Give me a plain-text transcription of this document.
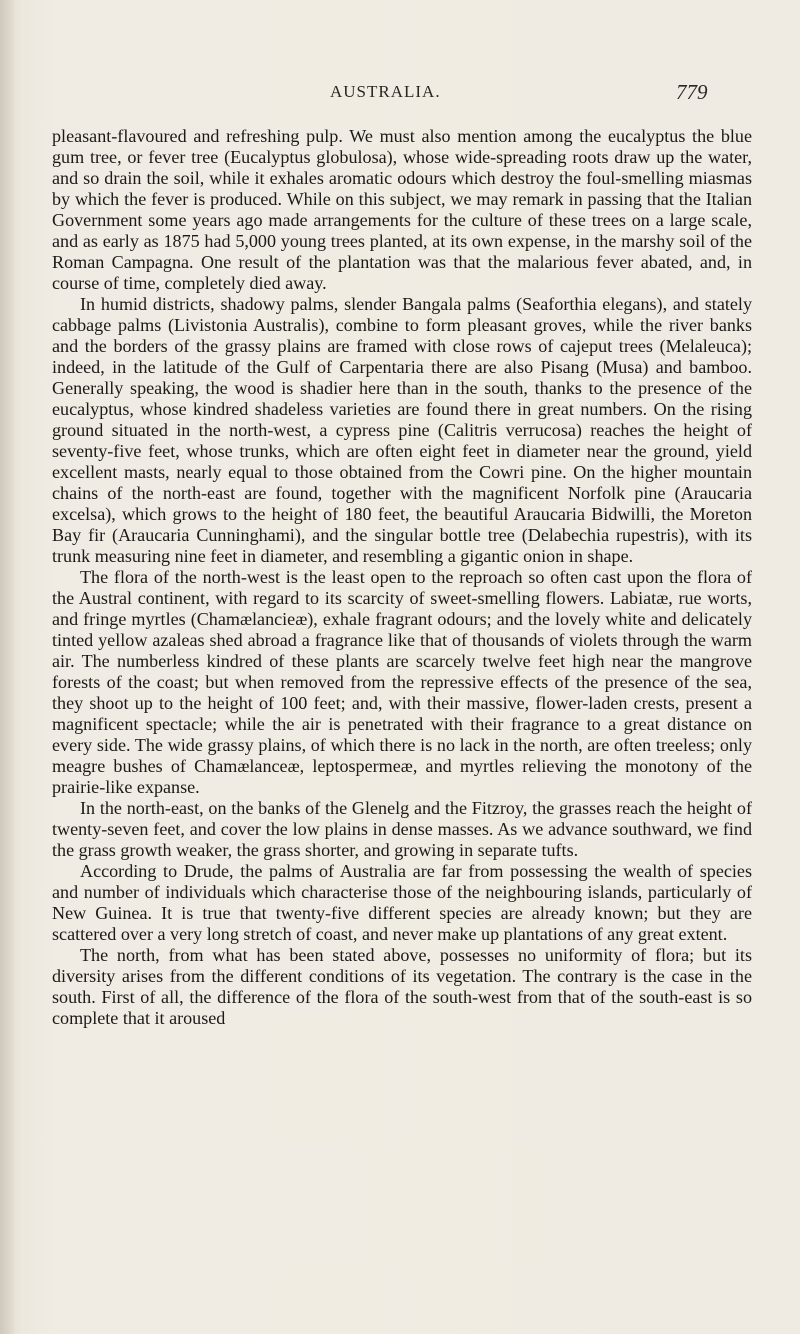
AUSTRALIA.	779

pleasant-flavoured and refreshing pulp. We must also mention among the eucalyptus the blue gum tree, or fever tree (Eucalyptus globulosa), whose wide-spreading roots draw up the water, and so drain the soil, while it exhales aromatic odours which destroy the foul-smelling miasmas by which the fever is produced. While on this subject, we may remark in passing that the Italian Government some years ago made arrangements for the culture of these trees on a large scale, and as early as 1875 had 5,000 young trees planted, at its own expense, in the marshy soil of the Roman Campagna. One result of the plantation was that the malarious fever abated, and, in course of time, completely died away.

In humid districts, shadowy palms, slender Bangala palms (Seaforthia elegans), and stately cabbage palms (Livistonia Australis), combine to form pleasant groves, while the river banks and the borders of the grassy plains are framed with close rows of cajeput trees (Melaleuca); indeed, in the latitude of the Gulf of Carpentaria there are also Pisang (Musa) and bamboo. Generally speaking, the wood is shadier here than in the south, thanks to the presence of the eucalyptus, whose kindred shadeless varieties are found there in great numbers. On the rising ground situated in the north-west, a cypress pine (Calitris verrucosa) reaches the height of seventy-five feet, whose trunks, which are often eight feet in diameter near the ground, yield excellent masts, nearly equal to those obtained from the Cowri pine. On the higher mountain chains of the north-east are found, together with the magnificent Norfolk pine (Araucaria excelsa), which grows to the height of 180 feet, the beautiful Araucaria Bidwilli, the Moreton Bay fir (Araucaria Cunninghami), and the singular bottle tree (Delabechia rupestris), with its trunk measuring nine feet in diameter, and resembling a gigantic onion in shape.

The flora of the north-west is the least open to the reproach so often cast upon the flora of the Austral continent, with regard to its scarcity of sweet-smelling flowers. Labiatæ, rue worts, and fringe myrtles (Chamælancieæ), exhale fragrant odours; and the lovely white and delicately tinted yellow azaleas shed abroad a fragrance like that of thousands of violets through the warm air. The numberless kindred of these plants are scarcely twelve feet high near the mangrove forests of the coast; but when removed from the repressive effects of the presence of the sea, they shoot up to the height of 100 feet; and, with their massive, flower-laden crests, present a magnificent spectacle; while the air is penetrated with their fragrance to a great distance on every side. The wide grassy plains, of which there is no lack in the north, are often treeless; only meagre bushes of Chamælanceæ, leptospermeæ, and myrtles relieving the monotony of the prairie-like expanse.

In the north-east, on the banks of the Glenelg and the Fitzroy, the grasses reach the height of twenty-seven feet, and cover the low plains in dense masses. As we advance southward, we find the grass growth weaker, the grass shorter, and growing in separate tufts.

According to Drude, the palms of Australia are far from possessing the wealth of species and number of individuals which characterise those of the neighbouring islands, particularly of New Guinea. It is true that twenty-five different species are already known; but they are scattered over a very long stretch of coast, and never make up plantations of any great extent.

The north, from what has been stated above, possesses no uniformity of flora; but its diversity arises from the different conditions of its vegetation. The contrary is the case in the south. First of all, the difference of the flora of the south-west from that of the south-east is so complete that it aroused
